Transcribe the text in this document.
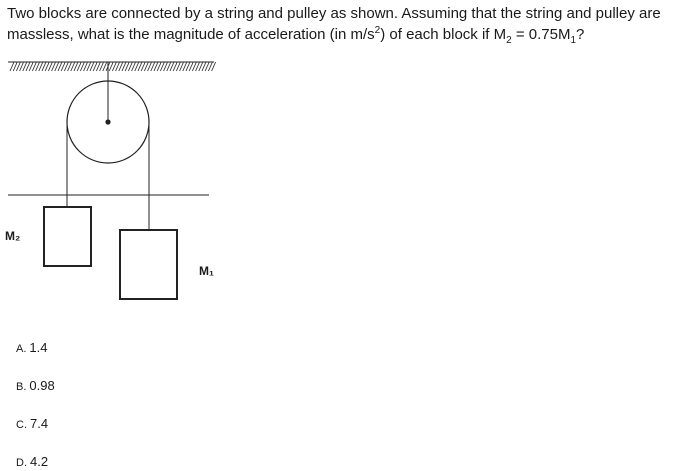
Two blocks are connected by a string and pulley as shown. Assuming that the string and pulley are massless, what is the magnitude of acceleration (in $m/s^2$) of each block if $M_2 = 0.75M_1$?
M₂
M₁
A. 1.4
B. 0.98
C. 7.4
D. 4.2
